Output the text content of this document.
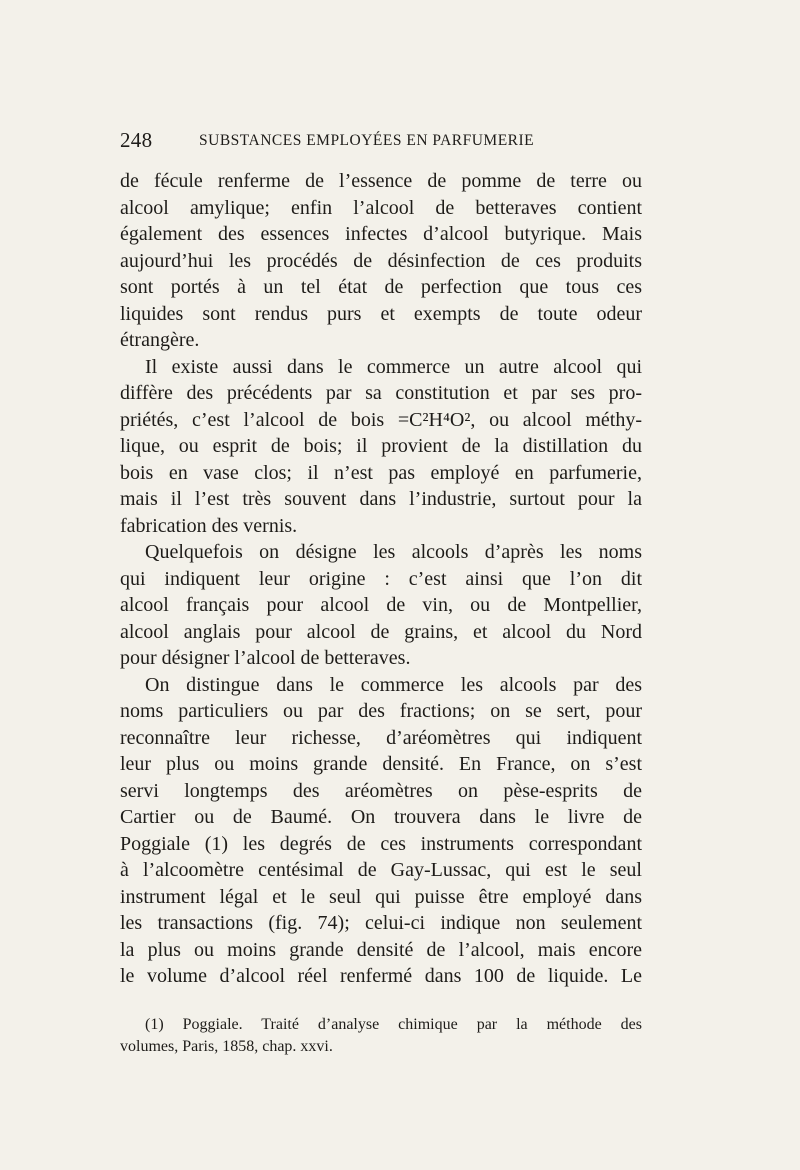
248	SUBSTANCES EMPLOYÉES EN PARFUMERIE
de fécule renferme de l’essence de pomme de terre ou
alcool amylique; enfin l’alcool de betteraves contient
également des essences infectes d’alcool butyrique. Mais
aujourd’hui les procédés de désinfection de ces produits
sont portés à un tel état de perfection que tous ces
liquides sont rendus purs et exempts de toute odeur
étrangère.
Il existe aussi dans le commerce un autre alcool qui
diffère des précédents par sa constitution et par ses pro-
priétés, c’est l’alcool de bois =C²H⁴O², ou alcool méthy-
lique, ou esprit de bois; il provient de la distillation du
bois en vase clos; il n’est pas employé en parfumerie,
mais il l’est très souvent dans l’industrie, surtout pour la
fabrication des vernis.
Quelquefois on désigne les alcools d’après les noms
qui indiquent leur origine : c’est ainsi que l’on dit
alcool français pour alcool de vin, ou de Montpellier,
alcool anglais pour alcool de grains, et alcool du Nord
pour désigner l’alcool de betteraves.
On distingue dans le commerce les alcools par des
noms particuliers ou par des fractions; on se sert, pour
reconnaître leur richesse, d’aréomètres qui indiquent
leur plus ou moins grande densité. En France, on s’est
servi longtemps des aréomètres on pèse-esprits de
Cartier ou de Baumé. On trouvera dans le livre de
Poggiale (1) les degrés de ces instruments correspondant
à l’alcoomètre centésimal de Gay-Lussac, qui est le seul
instrument légal et le seul qui puisse être employé dans
les transactions (fig. 74); celui-ci indique non seulement
la plus ou moins grande densité de l’alcool, mais encore
le volume d’alcool réel renfermé dans 100 de liquide. Le
(1) Poggiale. Traité d’analyse chimique par la méthode des
volumes, Paris, 1858, chap. xxvi.
